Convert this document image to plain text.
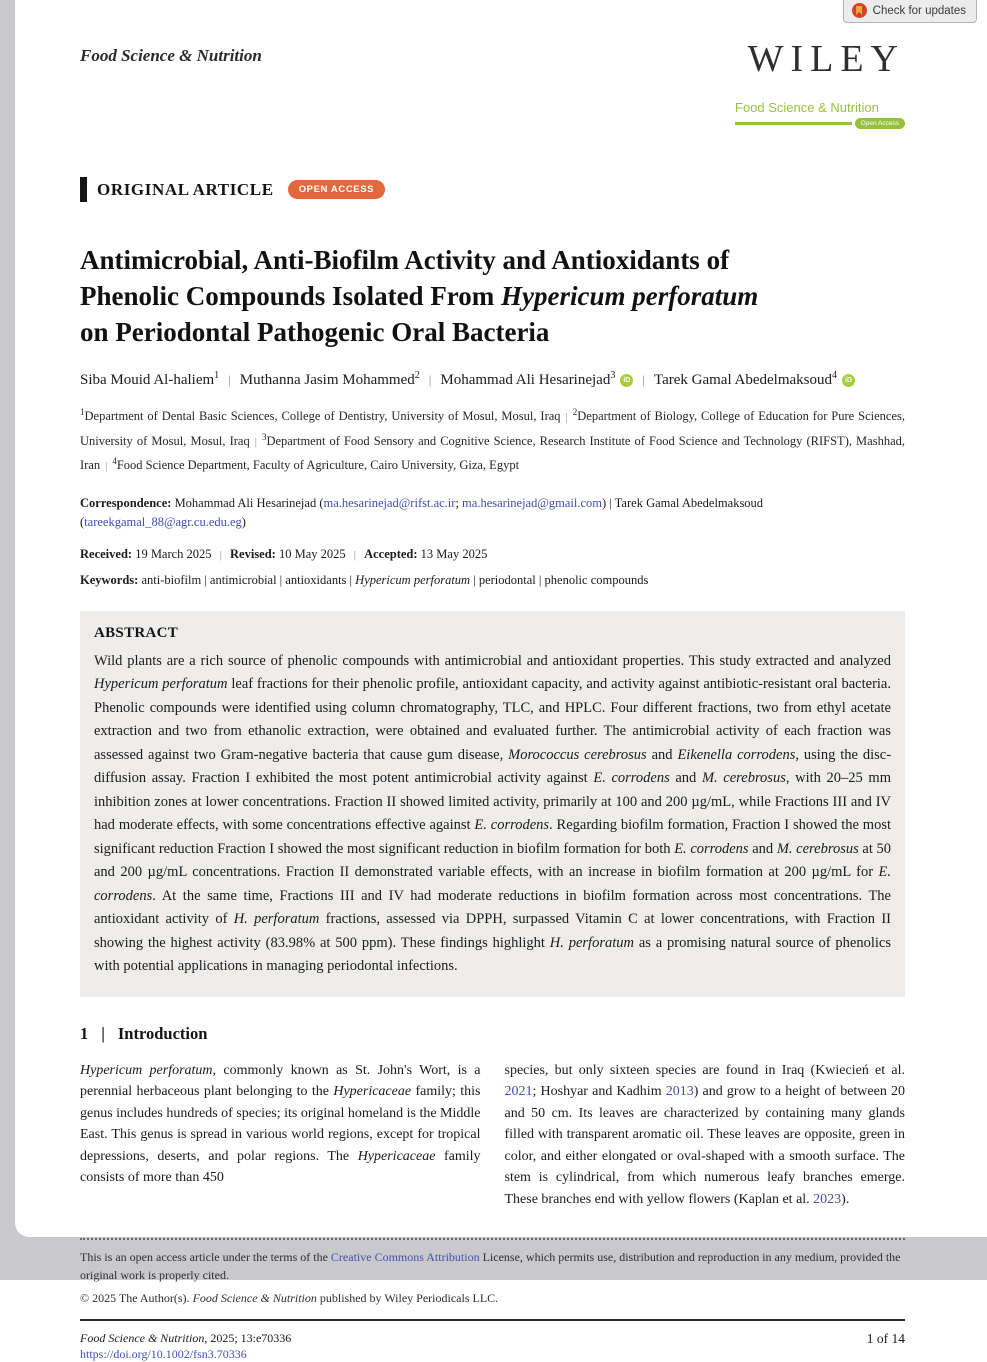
Check for updates
Food Science & Nutrition	WILEY
Food Science & Nutrition
Open Access
ORIGINAL ARTICLE	OPEN ACCESS
Antimicrobial, Anti-Biofilm Activity and Antioxidants of
Phenolic Compounds Isolated From Hypericum perforatum
on Periodontal Pathogenic Oral Bacteria
Siba Mouid Al-haliem$^1$ | Muthanna Jasim Mohammed$^2$ | Mohammad Ali Hesarinejad$^3$ iD | Tarek Gamal Abedelmaksoud$^4$ iD

$^1$Department of Dental Basic Sciences, College of Dentistry, University of Mosul, Mosul, Iraq | $^2$Department of Biology, College of Education for Pure Sciences, University of Mosul, Mosul, Iraq | $^3$Department of Food Sensory and Cognitive Science, Research Institute of Food Science and Technology (RIFST), Mashhad, Iran | $^4$Food Science Department, Faculty of Agriculture, Cairo University, Giza, Egypt

Correspondence: Mohammad Ali Hesarinejad (ma.hesarinejad@rifst.ac.ir; ma.hesarinejad@gmail.com) | Tarek Gamal Abedelmaksoud (tareekgamal_88@agr.cu.edu.eg)

Received: 19 March 2025 | Revised: 10 May 2025 | Accepted: 13 May 2025

Keywords: anti-biofilm | antimicrobial | antioxidants | Hypericum perforatum | periodontal | phenolic compounds

ABSTRACT

Wild plants are a rich source of phenolic compounds with antimicrobial and antioxidant properties. This study extracted and analyzed Hypericum perforatum leaf fractions for their phenolic profile, antioxidant capacity, and activity against antibiotic-resistant oral bacteria. Phenolic compounds were identified using column chromatography, TLC, and HPLC. Four different fractions, two from ethyl acetate extraction and two from ethanolic extraction, were obtained and evaluated further. The antimicrobial activity of each fraction was assessed against two Gram-negative bacteria that cause gum disease, Morococcus cerebrosus and Eikenella corrodens, using the disc-diffusion assay. Fraction I exhibited the most potent antimicrobial activity against E. corrodens and M. cerebrosus, with 20–25 mm inhibition zones at lower concentrations. Fraction II showed limited activity, primarily at 100 and 200 µg/mL, while Fractions III and IV had moderate effects, with some concentrations effective against E. corrodens. Regarding biofilm formation, Fraction I showed the most significant reduction Fraction I showed the most significant reduction in biofilm formation for both E. corrodens and M. cerebrosus at 50 and 200 µg/mL concentrations. Fraction II demonstrated variable effects, with an increase in biofilm formation at 200 µg/mL for E. corrodens. At the same time, Fractions III and IV had moderate reductions in biofilm formation across most concentrations. The antioxidant activity of H. perforatum fractions, assessed via DPPH, surpassed Vitamin C at lower concentrations, with Fraction II showing the highest activity (83.98% at 500 ppm). These findings highlight H. perforatum as a promising natural source of phenolics with potential applications in managing periodontal infections.

1 | Introduction
Hypericum perforatum, commonly known as St. John's Wort, is a perennial herbaceous plant belonging to the Hypericaceae family; this genus includes hundreds of species; its original homeland is the Middle East. This genus is spread in various world regions, except for tropical depressions, deserts, and polar regions. The Hypericaceae family consists of more than 450
species, but only sixteen species are found in Iraq (Kwiecień et al. 2021; Hoshyar and Kadhim 2013) and grow to a height of between 20 and 50 cm. Its leaves are characterized by containing many glands filled with transparent aromatic oil. These leaves are opposite, green in color, and either elongated or oval-shaped with a smooth surface. The stem is cylindrical, from which numerous leafy branches emerge. These branches end with yellow flowers (Kaplan et al. 2023).

This is an open access article under the terms of the Creative Commons Attribution License, which permits use, distribution and reproduction in any medium, provided the original work is properly cited.

© 2025 The Author(s). Food Science & Nutrition published by Wiley Periodicals LLC.

Food Science & Nutrition, 2025; 13:e70336
https://doi.org/10.1002/fsn3.70336
1 of 14
